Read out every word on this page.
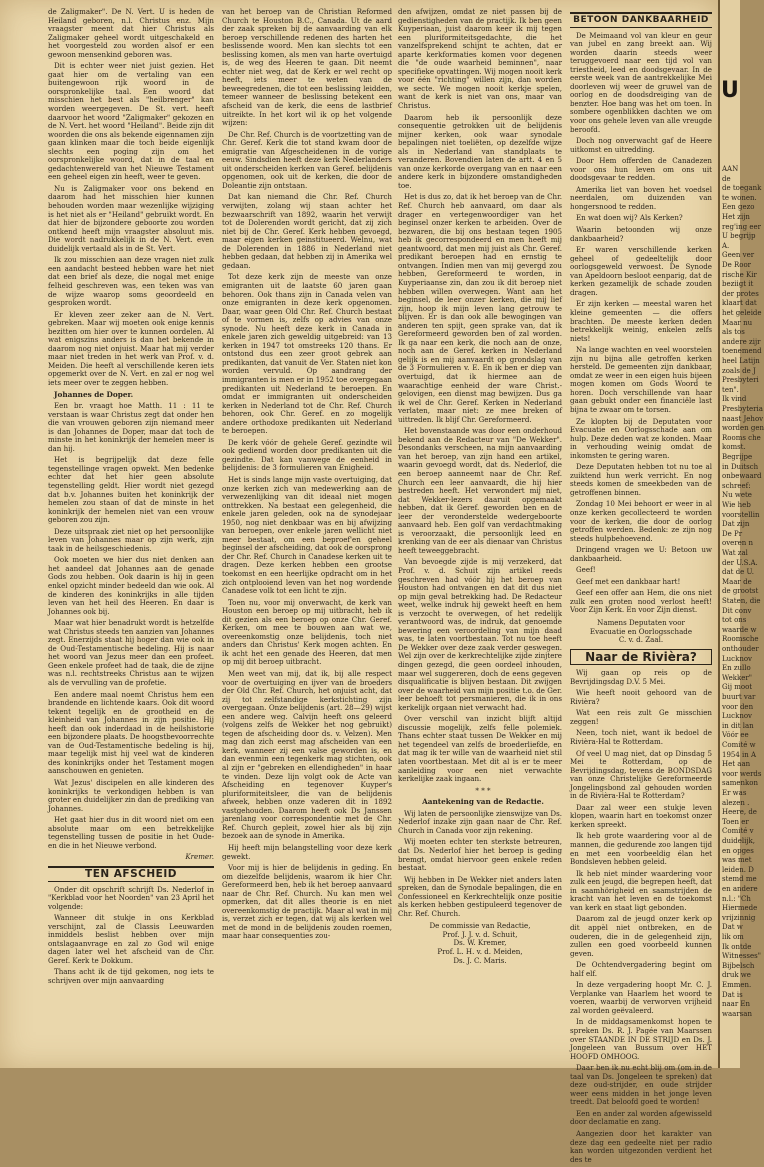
de Zaligmaker". De N. Vert. U is heden de Heiland geboren, n.l. Christus enz. Mijn vraagster meent dat hier Christus als Zaligmaker geheel wordt uitgeschakeld en het voorgesteld zou worden alsof er een gewoon mensenkind geboren was.

Dit is echter weer niet juist gezien. Het gaat hier om de vertaling van een buitengewoon rijk woord in de oorspronkelijke taal. Een woord dat misschien het best als "heilbrenger" kan worden weergegeven. De St. vert. heeft daarvoor het woord "Zaligmaker" gekozen en de N. Vert. het woord "Heiland". Beide zijn dit woorden die ons als bekende eigennamen zijn gaan klinken maar die toch beide eigenlijk slechts een poging zijn om het oorspronkelijke woord, dat in de taal en gedachtenwereld van het Nieuwe Testament een geheel eigen zin heeft, weer te geven.

Nu is Zaligmaker voor ons bekend en daarom had het misschien hier kunnen behouden worden maar wezenlijke wijziging is het niet als er "Heiland" gebruikt wordt. En dat hier de bijzondere geboorte zou worden ontkend heeft mijn vraagster absoluut mis. Die wordt nadrukkelijk in de N. Vert. even duidelijk vertaald als in de St. Vert.

Ik zou misschien aan deze vragen niet zulk een aandacht besteed hebben ware het niet dat een brief als deze, die nogal met enige felheid geschreven was, een teken was van de wijze waarop soms geoordeeld en gesproken wordt.

Er kleven zeer zeker aan de N. Vert. gebreken. Maar wij moeten ook enige kennis bezitten om hier over te kunnen oordelen. Al wat enigszins anders is dan het bekende in daarom nog niet onjuist. Maar hat mij verder maar niet treden in het werk van Prof. v. d. Meiden. Die heeft al verschillende keren iets opgemerkt over de N. Vert. en zal er nog wel iets meer over te zeggen hebben.

Johannes de Doper.

Een br. vraagt hoe Matth. 11 : 11 te verstaan is waar Christus zegt dat onder hen die van vrouwen geboren zijn niemand meer is dan Johannes de Doper, maar dat toch de minste in het koninkrijk der hemelen meer is dan hij.

Het is begrijpelijk dat deze felle tegenstellinge vragen opwekt. Men bedenke echter dat het hier geen absolute tegenstelling geldt. Hier wordt niet gezegd dat b.v. Johannes buiten het koninkrijk der hemelen zou staan of dat de minste in het koninkrijk der hemelen niet van een vrouw geboren zou zijn.

Deze uitspraak ziet niet op het persoonlijke leven van Johannes maar op zijn werk, zijn taak in de heilsgeschiedenis.

Ook moeten we hier dus niet denken aan het aandeel dat Johannes aan de genade Gods zou hebben. Ook daarin is hij in geen enkel opzicht minder bedeeld dan wie ook. Al de kinderen des koninkrijks in alle tijden leven van het heil des Heeren. En daar is Johannes ook bij.

Maar wat hier benadrukt wordt is hetzelfde wat Christus steeds ten aanzien van Johannes zegt. Enerzijds staat hij hoger dan wie ook in de Oud-Testamentische bedeling. Hij is naar het woord van Jezus meer dan een profeet. Geen enkele profeet had de taak, die de zijne was n.l. rechtstreeks Christus aan te wijzen als de vervulling van de profetie.

Een andere maal noemt Christus hem een brandende en lichtende kaars. Ook dit woord tekent tegelijk en de grootheid en de kleinheid van Johannes in zijn positie. Hij heeft dan ook inderdaad in de heilshistorie een bijzondere plaats. De hoogstbevoorrechte van de Oud-Testamentische bedeling is hij, maar tegelijk mist hij veel wat de kinderen des koninkrijks onder het Testament mogen aanschouwen en genieten.

Wat Jezus' discipelen en alle kinderen des koninkrijks te verkondigen hebben is van groter en duidelijker zin dan de prediking van Johannes.

Het gaat hier dus in dit woord niet om een absolute maar om een betrekkelijke tegenstelling tussen de positie in het Oude- en die in het Nieuwe verbond.

Kremer.

TEN AFSCHEID

Onder dit opschrift schrijft Ds. Nederlof in "Kerkblad voor het Noorden" van 23 April het volgende:

Wanneer dit stukje in ons Kerkblad verschijnt, zal de Classis Leeuwarden inmiddels beslist hebben over mijn ontslagaanvrage en zal zo God wil enige dagen later wel het afscheid van de Chr. Geref. Kerk te Dokkum.

Thans acht ik de tijd gekomen, nog iets te schrijven over mijn aanvaarding

van het beroep van de Christian Reformed Church te Houston B.C., Canada. Ut de aard der zaak spreken bij de aanvaarding van elk beroep verschillende redenen des harten het beslissende woord. Men kan slechts tot een beslissing komen, als men van harte overtuigd is, de weg des Heeren te gaan. Dit neemt echter niet weg, dat de Kerk er wel recht op heeft, iets meer te weten van de beweegredenen, die tot een beslissing leidden, temeer wanneer de beslissing betekent een afscheid van de kerk, die eens de lastbrief uitreikte. In het kort wil ik op het volgende wijzen:

De Chr. Ref. Church is de voortzetting van de Chr. Geref. Kerk die tot stand kwam door de emigratie van Afgescheidenen in de vorige eeuw. Sindsdien heeft deze kerk Nederlanders uit onderscheiden kerken van Geref. belijdenis opgenomen, ook uit de kerken, die door de Doleantie zijn ontstaan.

Dat kan niemand die Chr. Ref. Church verwijten, zolang wij staan achter het bezwaarschrift van 1892, waarin het verwijt tot de Dolerenden wordt gericht, dat zij zich niet bij de Chr. Geref. Kerk hebben gevoegd, maar eigen kerken geinstitueerd. Welnu, wat de Dolerenden in 1886 in Nederland niet hebben gedaan, dat hebben zij in Amerika wel gedaan.

Tot deze kerk zijn de meeste van onze emigranten uit de laatste 60 jaren gaan behoren. Ook thans zijn in Canada velen van onze emigranten in deze kerk opgenomen. Daar, waar geen Old Chr. Ref. Church bestaat of te vormen is, zelfs op advies van onze synode. Nu heeft deze kerk in Canada in enkele jaren zich geweldig uitgebreid: van 13 kerken in 1947 tot omstreeks 120 thans. Er ontstond dus een zeer groot gebrek aan predikanten, dat vanuit de Ver. Staten niet kon worden vervuld. Op aandrang der immigranten is men er in 1952 toe overgegaan predikanten uit Nederland te beroepen. En omdat er immigranten uit onderscheiden kerken in Nederland tot de Chr. Ref. Church behoren, ook Chr. Geref. en zo mogelijk andere orthodoxe predikanten uit Nederland te beroepen.

De kerk vóór de gehele Geref. gezindte wil ook gediend worden door predikanten uit die gezindte. Dat kan vanwege de eenheid in belijdenis: de 3 formulieren van Enigheid.

Het is sinds lange mijn vaste overtuiging, dat onze kerken zich van medewerking aan de verwezenlijking van dit ideaal niet mogen onttrekken. Na bestaat een gelegenheid, die enkele jaren geleden, ook na de synodejaar 1950, nog niet denkbaar was en bij afwijzing van beroepen, over enkele jaren wellicht niet meer bestaat, om een beproef'en geheel beginsel der afscheiding, dat ook de oorsprong der Chr. Ref. Church in Canadese kerken uit te dragen. Deze kerken hebben een grootse toekomst en een heerlijke opdracht om in het zich ontplooiend leven van het nog wordende Canadese volk tot een licht te zijn.

Toen nu, voor mij onverwacht, de kerk van Houston een beroep op mij uitbracht, heb ik dit gezien als een beroep op onze Chr. Geref. Kerken, om mee te bouwen aan wat we, overeenkomstig onze belijdenis, toch niet anders dan Christus' Kerk mogen achten. En ik acht het een genade des Heeren, dat men op mij dit beroep uitbracht.

Men weet van mij, dat ik, bij alle respect voor de overtuiging en ijver van de broeders der Old Chr. Ref. Church, het onjuist acht, dat zij tot zelfstandige kerkstichting zijn overgegaan. Onze belijdenis (art. 28—29) wijst een andere weg. Calvijn heeft ons geleerd (volgens zelfs de Wekker het nog gebruikt) tegen de afscheiding door ds. v. Velzen). Men mag dan zich eerst mag afscheiden van een kerk, wanneer zij een valse geworden is, en dan evenmin een tegenkerk mag stichten, ook al zijn er "gebreken en ellendigheden" in haar te vinden. Deze lijn volgt ook de Acte van Afscheiding en tegenover Kuyper's pluriformiteitsleer, die van de belijdenis afweek, hebben onze vaderen dit in 1892 vastgehouden. Daarom heeft ook Ds Janssen jarenlang voor correspondentie met de Chr. Ref. Church gepleit, zowel hier als bij zijn bezoek aan de synode in Amerika.

Hij heeft mijn belangstelling voor deze kerk gewekt.

Voor mij is hier de belijdenis in geding. En om diezelfde belijdenis, waarom ik hier Chr. Gereformeerd ben, heb ik het beroep aanvaard naar de Chr. Ref. Church. Nu kan men wel opmerken, dat dit alles theorie is en niet overeenkomstig de practijk. Maar al wat in mij is, verzet zich er tegen, dat wij als kerken wel met de mond in de belijdenis zouden roemen, maar haar consequenties zou-

den afwijzen, omdat ze niet passen bij de gedienstigheden van de practijk. Ik ben geen Kuyperiaan, juist daarom keer ik mij tegen een pluriformiteitsgedachte, die het vanzelfsprekend schijnt te achten, dat er aparte kerkformaties komen voor degenen die "de oude waarheid beminnen", naar specifieke opvattingen. Wij mogen nooit kerk voor één "richting" willen zijn, dan worden we secte. We mogen nooit kerkje spelen, want de kerk is niet van ons, maar van Christus.

Daarom heb ik persoonlijk deze consequentie getrokken uit de belijdenis mijner kerken, ook waar synodale bepalingen niet toeliëten, op dezelfde wijze als in Nederland van standplaats te veranderen. Bovendien laten de artt. 4 en 5 van onze kerkorde overgang van en naar een andere kerk in bijzondere omstandigheden toe.

Het is dus zo, dat ik het beroep van de Chr. Ref. Church heb aanvaard, om daar als drager en vertegenwoordiger van het beginsel onzer kerken te arbeiden. Over de bezwaren, die bij ons bestaan tegen 1905 heb ik gecorrespondeerd en men heeft mij geantwoord, dat men mij juist als Chr. Geref. predikant beroepen had en ernstig te ontvangen. Indien men van mij gevergd zou hebben, Gereformeerd te worden, in Kuyperiaanse zin, dan zou ik dit beroep niet hebben willen overwegen. Want aan het beginsel, de leer onzer kerken, die mij lief zijn, hoop ik mijn leven lang getrouw te blijven. Er is dan ook alle bewogingen van anderen ten spijt, geen sprake van, dat ik Gereformeerd geworden ben of zal worden. Ik ga naar een kerk, die noch aan de onze, noch aan de Geref. kerken in Nederland gelijk is en mij aanvaardt op grondslag van de 3 Formulieren v. E. En ik ben er diep van overtuigd, dat ik hiermee aan de waarachtige eenheid der ware Christ.-gelovigen, een dienst mag bewijzen. Dus ga ik wel de Chr. Geref. Kerken in Nederland verlaten, maar niet: ze mee breken of uittreden. Ik blijf Chr. Gereformeerd.

Het bovenstaande was door een onderhoud bekend aan de Redacteur van "De Wekker". Desondanks verscheen, na mijn aanvaarding van het beroep, van zijn hand een artikel, waarin gevoegd wordt, dat ds. Nederlof, die een beroep aanneemt naar de Chr. Ref. Church een leer aanvaardt, die hij hier bestreden heeft. Het verwondert mij niet, dat Wekker-lezers daaruit opgemaakt hebben, dat ik Geref. geworden ben en de leer der verondersteldе wedergeboorte aanvaard heb. Een golf van verdachtmaking is veroorzaakt, die persoonlijk leed en krenking van de eer als dienaar van Christus heeft teweeggebracht.

Van bevoegde zijde is mij verzekerd, dat Prof. v. d. Schuit zijn artikel reeds geschreven had vóór hij het beroep van Houston had ontvangen en dat dit dus niet op mijn geval betrekking had. De Redacteur weet, welke indruk hij gewekt heeft en hem is verzocht te overwegen, of het redelijk verantwoord was, de indruk, dat genoemde bewering een veroordeling van mijn daad was, te laten voortbestaan. Tot nu toe heeft De Wekker over deze zaak verder geswegen. Wel zijn over de kerkrechtelijke zijde zinjtere dingen gezegd, die geen oordeel inhouden, maar wel suggereren, doch de eens gegeven disqualificatie is blijven bestaan. Dit zwijgen over de waarheid van mijn positie t.o. de Ger. leer behoeft tot persmanieren, die ik in ons kerkelijk orgaan niet verwacht had.

Over verschil van inzicht blijft altijd discussie mogelijk, zelfs felle polemiek. Thans echter staat tussen De Wekker en mij het tegendeel van zelfs de broederliefde, en dat mag ik ter wille van de waarheid niet stil laten voortbestaan. Met dit al is er te meer aanleiding voor een niet verwachte kerkelijke zaak ingaan.

* * *

Aantekening van de Redactie.

Wij laten de persoonlijke zienswijze van Ds. Nederlof inzake zijn gaan naar de Chr. Ref. Church in Canada voor zijn rekening.

Wij moeten echter ten sterkste betreuren, dat Ds. Nederlof hier het beroep is geding bremgt, omdat hiervoor geen enkele reden bestaat.

Wij hebben in De Wekker niet anders laten spreken, dan de Synodale bepalingen, die en Confessioneel en Kerkrechtelijk onze positie als kerken hebben gestipuleerd tegenover de Chr. Ref. Church.

De commissie van Redactie,
Prof. J. J. v. d. Schuit,
Ds. W. Kremer,
Prof. L. H. v. d. Meiden,
Ds. J. C. Maris.
BETOON DANKBAARHEID

De Meimaand vol van kleur en geur van jubel en zang breekt aan. Wij worden daarin steeds weer teruggevoerd naar een tijd vol van triestheid, leed en doodsgevaar. In de eerste week van de aantrekkelijke Mei doorleven wij weer de gruwel van de oorlog en de doodsdreiging van de benzter. Hoe bang was het om toen. In sombere ogenblikken dachten we om voor ons gehele leven van alle vreugde beroofd.

Doch nog onverwacht gaf de Heere uitkomst en uitredding.

Door Hem offerden de Canadezen voor ons hun leven om ons uit doodsgevaar te redden.

Amerika liet van boven het voedsel neerdalen, om duizenden van hongersnood te redden.

En wat doen wij? Als Kerken?

Waarin betoonden wij onze dankbaarheid?

Er waren verschillende kerken geheel of gedeeltelijk door oorlogsgeweld verwoest. De Synode van Apeldoorn besloot eenparig, dat de kerken gezamelijk de schade zouden dragen.

Er zijn kerken — meestal waren het kleine gemeenten — die offers brachten. De meeste kerken deden betrekkelijk weinig, enkelen zelfs niets!

Na lange wachten en veel woorstelen zijn nu bijna alle getroffen kerken hersteld. De gemeenten zijn dankbaar, omdat ze weer in een eigen huis bijeen mogen komen om Gods Woord te horen. Doch verschillende van haar gaan gebukt onder een financiële last bijna te zwaar om te torsen.

Ze klopten bij de Deputaten voor Evacuatie en Oorlogsschade aan om hulp. Deze deden wat ze konden. Maar in verhouding weinig omdat de inkomsten te gering waren.

Deze Deputaten hebben tot nu toe al zuiktend hun werk verricht. En nog steeds komen de smeekbeden van de getroffenen binnen.

Zondag 10 Mei behoort er weer in al onze kerken gecollecteerd te worden voor de kerken, die door de oorlog getroffen werden. Bedenk: ze zijn nog steeds hulpbehoevend.

Dringend vragen we U: Betoon uw dankbaarheid.

Geef!

Geef met een dankbaar hart!

Geef een offer aan Hem, die ons niet zulk een groten nood verlost heeft! Voor Zijn Kerk. En voor Zijn dienst.

Namens Deputaten voor
Evacuatie en Oorlogsschade
C. v. d. Zaal.
Naar de Rivièra?

Wij gaan op reis op de Bevrijdingsdag D.V. 5 Mei.

Wie heeft nooit gehoord van de Rivièra?

Wat een reis zult Ge misschien zeggen!

Neen, toch niet, want ik bedoel de Rivièra-Hal te Rotterdam.

Of veel U mag niet, dat op Dinsdag 5 Mei te Rotterdam, op de Bevrijdingsdag, tevens de BONDSDAG van onze Christelijke Gereformeerde Jongelingsbond zal gehouden worden in de Rivièra-Hal te Rotterdam?

Daar zal weer een stukje leven klopen, waarin hart en toekomst onzer kerken spreekt.

Ik heb grote waardering voor al de mannen, die gedurende zoo langen tijd en met een voorbeeldig élan het Bondsleven hebben geleid.

Ik heb niet minder waardering voor zulk een jeugd, die begrepen heeft, dat in saamhörigheid en saamstrijden de kracht van het leven en de toekomst van kerk en staat ligt gebonden.

Daarom zal de jeugd onzer kerk op dit appèl niet ontbreken, en de ouderen, die in de gelegenheid zijn, zullen een goed voorbeeld kunnen geven.

De Ochtendvergadering begint om half elf.

In deze vergadering hoopt Mr. C. J. Verplanke van Haarlem het woord te voeren, waarbij de verworven vrijheid zal worden geëvaleerd.

In de middagsamenkomst hopen te spreken Ds. R. J. Pagée van Maarssen over STAANDE IN DE STRIJD en Ds. J. Jongeleen van Bussum over HET HOOFD OMHOOG.

Daar ben ik nu echt blij om (om in de taal van Ds. Jongeleen te spreken) dat deze oud-strijder, en oude strijder weer eens midden in het jonge leven treedt. Dat beloofd goed te worden!

Een en ander zal worden afgewisseld door declamatie en zang.

Aangezien door het karakter van deze dag een gedeelte niet per radio kan worden uitgezonden verdient het des te

U
AAN
de
de toegank
te wonen.
Een gezo
Het zijn
reg'ing eer
U begrijp
A.
Geen ver
De Roor
rische Kir
beziigt it
der protes
klaart dat
het geleide
Maar nu
als tos
andere zijr
toenemend
heel Latijn
zoals de J
Presbyteri
ten".
Ik vind
Presbyteria
naast Jehov
worden gen
Rooms che
komst.
Begrijpe
in Duitsch
onbewaard
schreef:
Nu wete
Wie heb
voorstellin
Dat zijn
De Pr
overen n
Wat zal
der U.S.A.
dat de U.
Maar de
de grootst
Staten, die
Dit conv
tot ons
waarde w
Roomsche
onthouder
Lucknov
En zullo
Wekker"
Gij moot
buurt var
voor den
Lucknov
in dit lan
Vóór ee
Comité w
1954 in A
Het aan
voor werds
samenkon
Er was
alezen .
Heere, de
Toen er
Comité v
duidelijk,
en opges
was met
leiden. D
stemd me
en andere
n.l.: "Ch
Hiermede
vrijzinnig
Dat w
lik om
Ik ontde
Witnesses"
Bijbelsch
druk we
Emmen.
Dat is
naar En
waarsan
